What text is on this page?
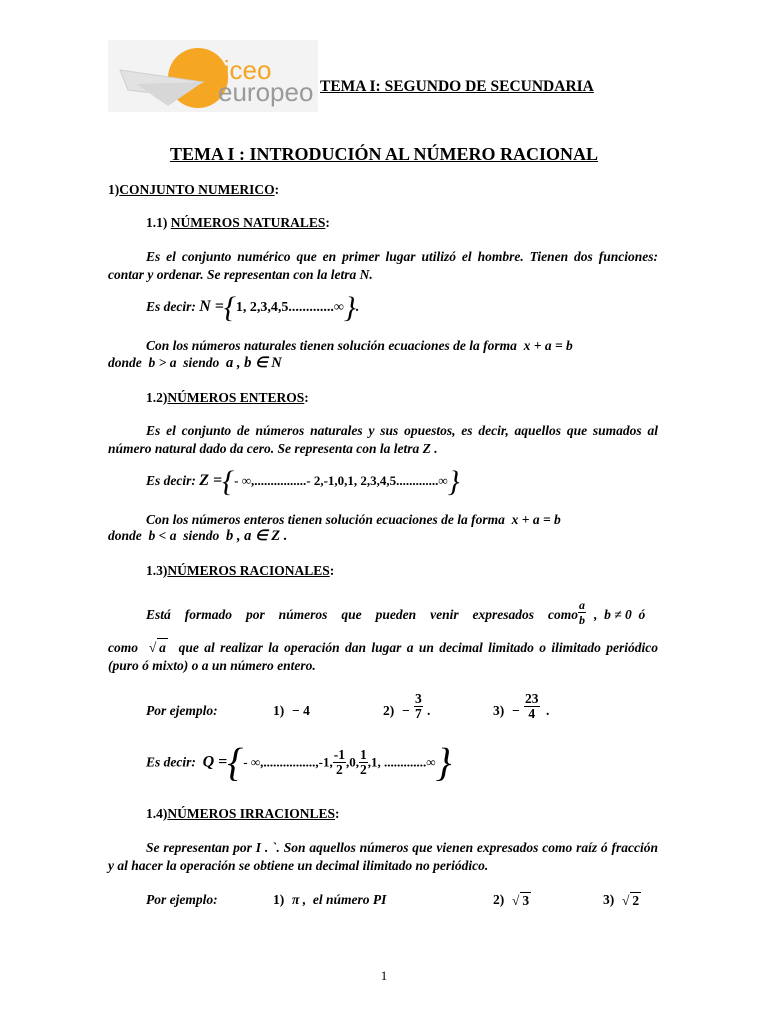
liceo
europeo TEMA I: SEGUNDO DE SECUNDARIA
TEMA I : INTRODUCIÓN AL NÚMERO RACIONAL
1)CONJUNTO NUMERICO:
1.1) NÚMEROS NATURALES:
Es el conjunto numérico que en primer lugar utilizó el hombre. Tienen dos funciones: contar y ordenar. Se representan con la letra N.
Es decir: N ={1, 2,3,4,5.............∞}.
Con los números naturales tienen solución ecuaciones de la forma x + a = b
donde b > a siendo a , b ∈ N
1.2)NÚMEROS ENTEROS:
Es el conjunto de números naturales y sus opuestos, es decir, aquellos que sumados al número natural dado da cero. Se representa con la letra Z .
Es decir: Z ={- ∞,................- 2,-1,0,1, 2,3,4,5.............∞}
Con los números enteros tienen solución ecuaciones de la forma x + a = b
donde b < a siendo b , a ∈ Z .
1.3)NÚMEROS RACIONALES:
Está formado por números que pueden venir expresados como $\frac{a}{b}$ ,  b ≠ 0  ó
como √ a que al realizar la operación dan lugar a un decimal limitado o ilimitado periódico (puro ó mixto) o a un número entero.
Por ejemplo:	1) − 4	$2) - \frac{3}{7}$ .	$3) - \frac{23}{4}$ .
Es decir: Q ={- ∞,................,-1, $\frac{-1}{2} ,0$, $\frac{1}{2} ,1$, .............∞}
1.4)NÚMEROS IRRACIONLES:
Se representan por I . `. Son aquellos números que vienen expresados como raíz ó fracción y al hacer la operación se obtiene un decimal ilimitado no periódico.
Por ejemplo:	1) π ,  el número PI	2) √ 3	3) √ 2
1
